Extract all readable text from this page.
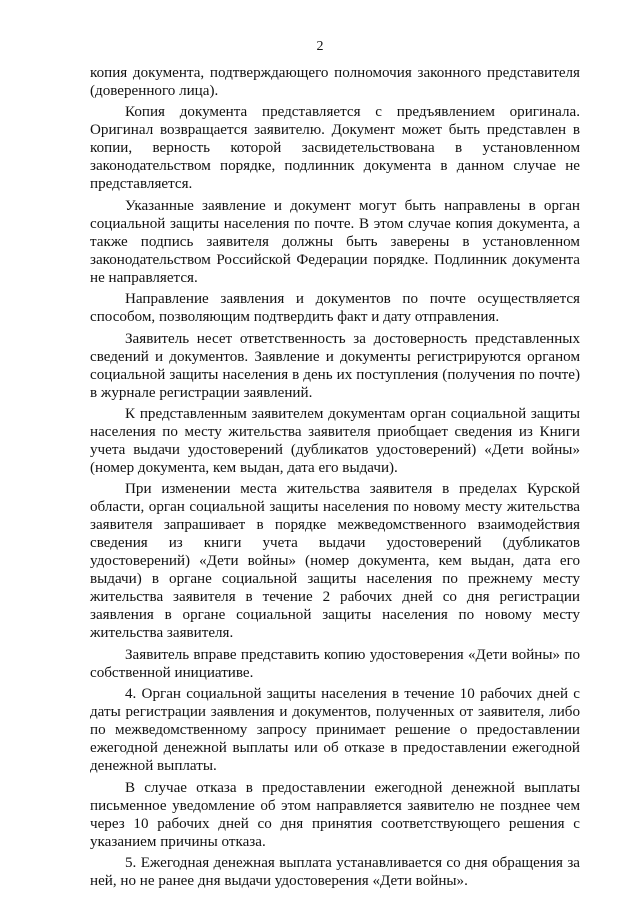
2

копия документа, подтверждающего полномочия законного представителя (доверенного лица).

Копия документа представляется с предъявлением оригинала. Оригинал возвращается заявителю. Документ может быть представлен в копии, верность которой засвидетельствована в установленном законодательством порядке, подлинник документа в данном случае не представляется.

Указанные заявление и документ могут быть направлены в орган социальной защиты населения по почте. В этом случае копия документа, а также подпись заявителя должны быть заверены в установленном законодательством Российской Федерации порядке. Подлинник документа не направляется.

Направление заявления и документов по почте осуществляется способом, позволяющим подтвердить факт и дату отправления.

Заявитель несет ответственность за достоверность представленных сведений и документов. Заявление и документы регистрируются органом социальной защиты населения в день их поступления (получения по почте) в журнале регистрации заявлений.

К представленным заявителем документам орган социальной защиты населения по месту жительства заявителя приобщает сведения из Книги учета выдачи удостоверений (дубликатов удостоверений) «Дети войны» (номер документа, кем выдан, дата его выдачи).

При изменении места жительства заявителя в пределах Курской области, орган социальной защиты населения по новому месту жительства заявителя запрашивает в порядке межведомственного взаимодействия сведения из книги учета выдачи удостоверений (дубликатов удостоверений) «Дети войны» (номер документа, кем выдан, дата его выдачи) в органе социальной защиты населения по прежнему месту жительства заявителя в течение 2 рабочих дней со дня регистрации заявления в органе социальной защиты населения по новому месту жительства заявителя.

Заявитель вправе представить копию удостоверения «Дети войны» по собственной инициативе.

4. Орган социальной защиты населения в течение 10 рабочих дней с даты регистрации заявления и документов, полученных от заявителя, либо по межведомственному запросу принимает решение о предоставлении ежегодной денежной выплаты или об отказе в предоставлении ежегодной денежной выплаты.

В случае отказа в предоставлении ежегодной денежной выплаты письменное уведомление об этом направляется заявителю не позднее чем через 10 рабочих дней со дня принятия соответствующего решения с указанием причины отказа.

5. Ежегодная денежная выплата устанавливается со дня обращения за ней, но не ранее дня выдачи удостоверения «Дети войны».
